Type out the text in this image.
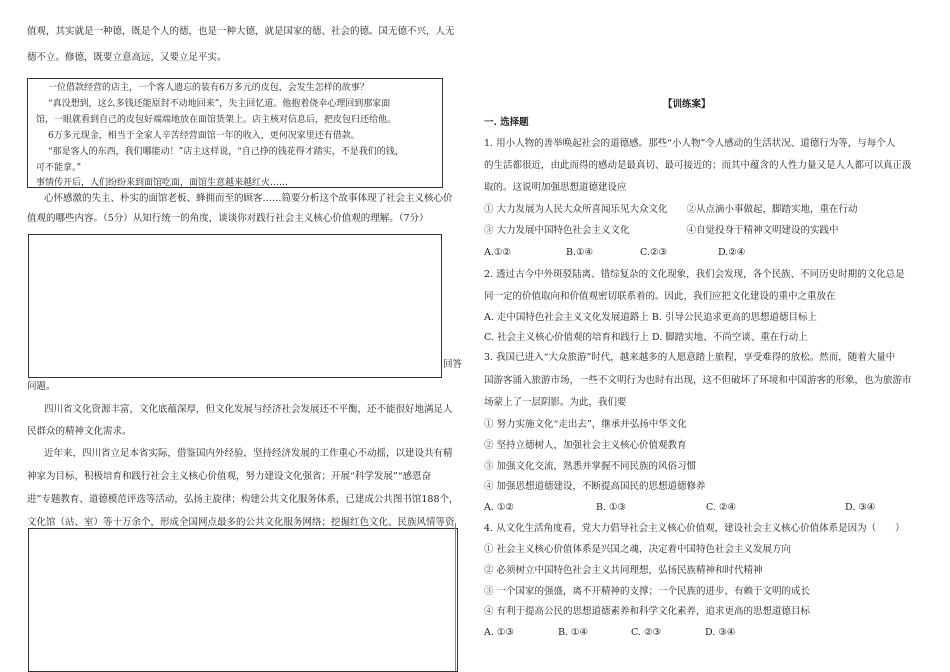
值观，其实就是一种德，既是个人的德，也是一种大德，就是国家的德、社会的德。国无德不兴，人无
德不立。修德，既要立意高远，又要立足平实。
一位借款经营的店主，一个客人遗忘的装有6万多元的皮包，会发生怎样的故事？
“真没想到，这么多钱还能原封不动地回来”，失主回忆道。他抱着侥幸心理回到那家面
馆，一眼就看到自己的皮包好端端地放在面馆货架上。店主核对信息后，把皮包归还给他。
6万多元现金，相当于全家人辛苦经营面馆一年的收入，更何况家里还有借款。
“那是客人的东西，我们哪能动！”店主这样说，“自己挣的钱花得才踏实，不是我们的钱，
可不能拿。”
事情传开后，人们纷纷来到面馆吃面，面馆生意越来越红火……
心怀感激的失主、朴实的面馆老板、蜂拥而至的顾客……简要分析这个故事体现了社会主义核心价
值观的哪些内容。（5分）从知行统一的角度，谈谈你对践行社会主义核心价值观的理解。（7分）
回答
问题。
四川省文化资源丰富，文化底蕴深厚，但文化发展与经济社会发展还不平衡，还不能很好地满足人
民群众的精神文化需求。
近年来，四川省立足本省实际，借鉴国内外经验，坚持经济发展的工作重心不动摇，以建设共有精
神家为目标，积极培育和践行社会主义核心价值观，努力建设文化强省；开展“科学发展”“感恩奋
进”专题教育、道德模范评选等活动，弘扬主旋律；构建公共文化服务体系，已建成公共图书馆188个，
文化馆（站、室）等十万余个，形成全国网点最多的公共文化服务网络；挖掘红色文化、民族风情等资
【训练案】
一. 选择题
1. 用小人物的善举唤起社会的道德感。那些“小人物”令人感动的生活状况、道德行为等，与每个人
的生活都很近，由此而得的感动是最真切、最可接近的；而其中蕴含的人性力量又是人人都可以真正汲
取的。这说明加强思想道德建设应
① 大力发展为人民大众所喜闻乐见大众文化　　②从点滴小事做起，脚踏实地，重在行动
③ 大力发展中国特色社会主义文化　　　　　　④自觉投身于精神文明建设的实践中
A.①②	B.①④	C.②③	D.②④
2. 透过古今中外斑驳陆离、错综复杂的文化现象，我们会发现，各个民族、不同历史时期的文化总是
同一定的价值取向和价值观密切联系着的。因此，我们应把文化建设的重中之重放在
A. 走中国特色社会主义文化发展道路上 B. 引导公民追求更高的思想道德目标上
C. 社会主义核心价值观的培育和践行上 D. 脚踏实地、不尚空谈、重在行动上
3. 我国已进入“大众旅游”时代，越来越多的人愿意踏上旅程，享受难得的放松。然而，随着大量中
国游客涌入旅游市场，一些不文明行为也时有出现，这不但破坏了环境和中国游客的形象，也为旅游市
场蒙上了一层阴影。为此，我们要
① 努力实施文化“走出去”，继承并弘扬中华文化
② 坚持立德树人，加强社会主义核心价值观教育
③ 加强文化交流，熟悉并掌握不同民族的风俗习惯
④ 加强思想道德建设，不断提高国民的思想道德修养
A. ①②	B. ①③	C. ②④	D. ③④
4. 从文化生活角度看，党大力倡导社会主义核心价值观，建设社会主义核心价值体系是因为（　　）
① 社会主义核心价值体系是兴国之魂，决定着中国特色社会主义发展方向
② 必须树立中国特色社会主义共同理想，弘扬民族精神和时代精神
③ 一个国家的强盛，离不开精神的支撑；一个民族的进步，有赖于文明的成长
④ 有利于提高公民的思想道德素养和科学文化素养，追求更高的思想道德目标
A. ①③	B. ①④	C. ②③	D. ③④
